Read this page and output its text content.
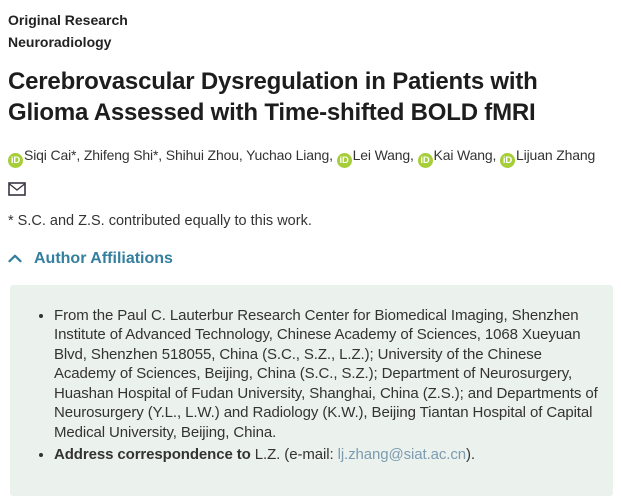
Original Research
Neuroradiology
Cerebrovascular Dysregulation in Patients with Glioma Assessed with Time-shifted BOLD fMRI

iD Siqi Cai*, Zhifeng Shi*, Shihui Zhou, Yuchao Liang, iD Lei Wang, iD Kai Wang, iD Lijuan Zhang

* S.C. and Z.S. contributed equally to this work.

Author Affiliations
• From the Paul C. Lauterbur Research Center for Biomedical Imaging, Shenzhen Institute of Advanced Technology, Chinese Academy of Sciences, 1068 Xueyuan Blvd, Shenzhen 518055, China (S.C., S.Z., L.Z.); University of the Chinese Academy of Sciences, Beijing, China (S.C., S.Z.); Department of Neurosurgery, Huashan Hospital of Fudan University, Shanghai, China (Z.S.); and Departments of Neurosurgery (Y.L., L.W.) and Radiology (K.W.), Beijing Tiantan Hospital of Capital Medical University, Beijing, China.
• Address correspondence to L.Z. (e-mail: lj.zhang@siat.ac.cn).
